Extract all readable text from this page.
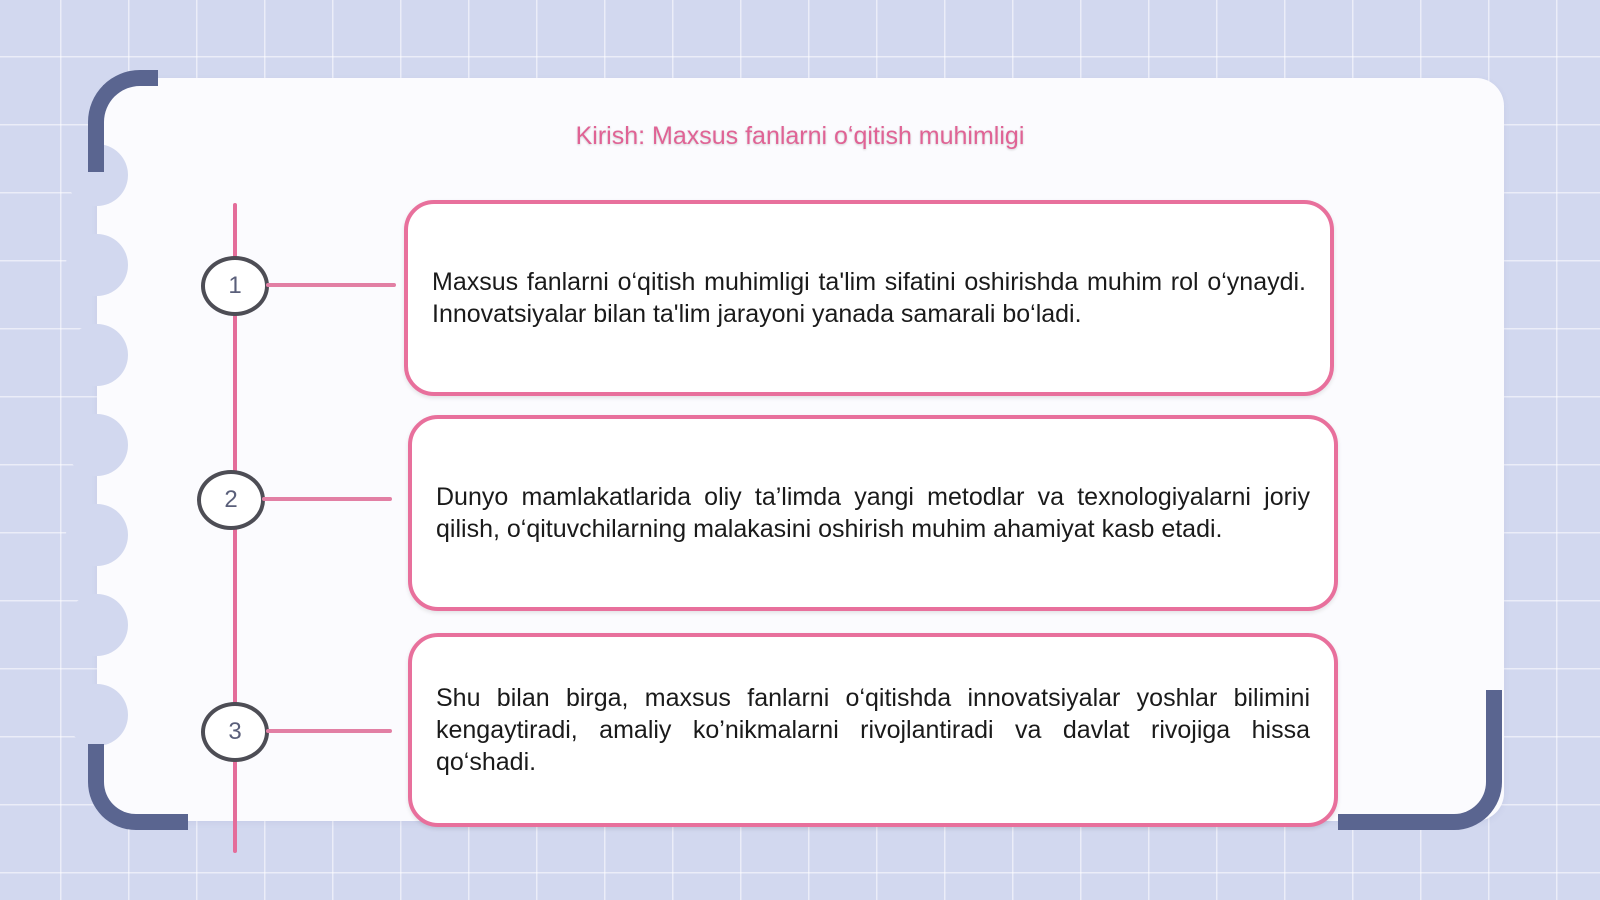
Kirish: Maxsus fanlarni oʻqitish muhimligi
1	Maxsus fanlarni o‘qitish muhimligi ta'lim sifatini oshirishda muhim rol o‘ynaydi. Innovatsiyalar bilan ta'lim jarayoni yanada samarali bo‘ladi.
2	Dunyo mamlakatlarida oliy ta’limda yangi metodlar va texnologiyalarni joriy qilish, o‘qituvchilarning malakasini oshirish muhim ahamiyat kasb etadi.
3
Shu bilan birga, maxsus fanlarni o‘qitishda innovatsiyalar yoshlar bilimini kengaytiradi, amaliy ko’nikmalarni rivojlantiradi va davlat rivojiga hissa qo‘shadi.
